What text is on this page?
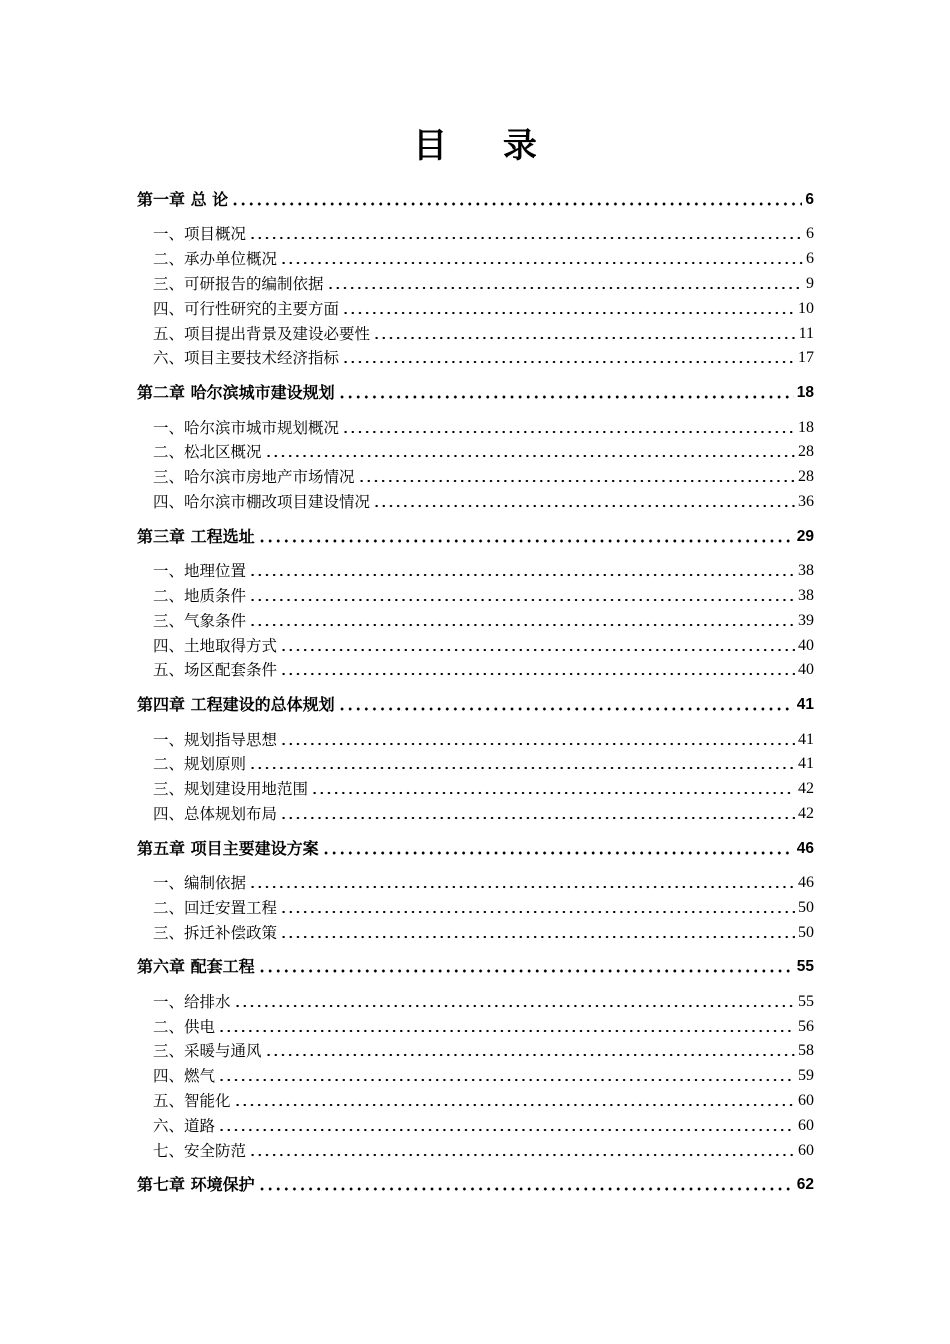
目 录
第一章 总 论	6
一、项目概况	6
二、承办单位概况	6
三、可研报告的编制依据	9
四、可行性研究的主要方面	10
五、项目提出背景及建设必要性	11
六、项目主要技术经济指标	17
第二章 哈尔滨城市建设规划	18
一、哈尔滨市城市规划概况	18
二、松北区概况	28
三、哈尔滨市房地产市场情况	28
四、哈尔滨市棚改项目建设情况	36
第三章 工程选址	29
一、地理位置	38
二、地质条件	38
三、气象条件	39
四、土地取得方式	40
五、场区配套条件	40
第四章 工程建设的总体规划	41
一、规划指导思想	41
二、规划原则	41
三、规划建设用地范围	42
四、总体规划布局	42
第五章 项目主要建设方案	46
一、编制依据	46
二、回迁安置工程	50
三、拆迁补偿政策	50
第六章 配套工程	55
一、给排水	55
二、供电	56
三、采暖与通风	58
四、燃气	59
五、智能化	60
六、道路	60
七、安全防范	60
第七章 环境保护	62
